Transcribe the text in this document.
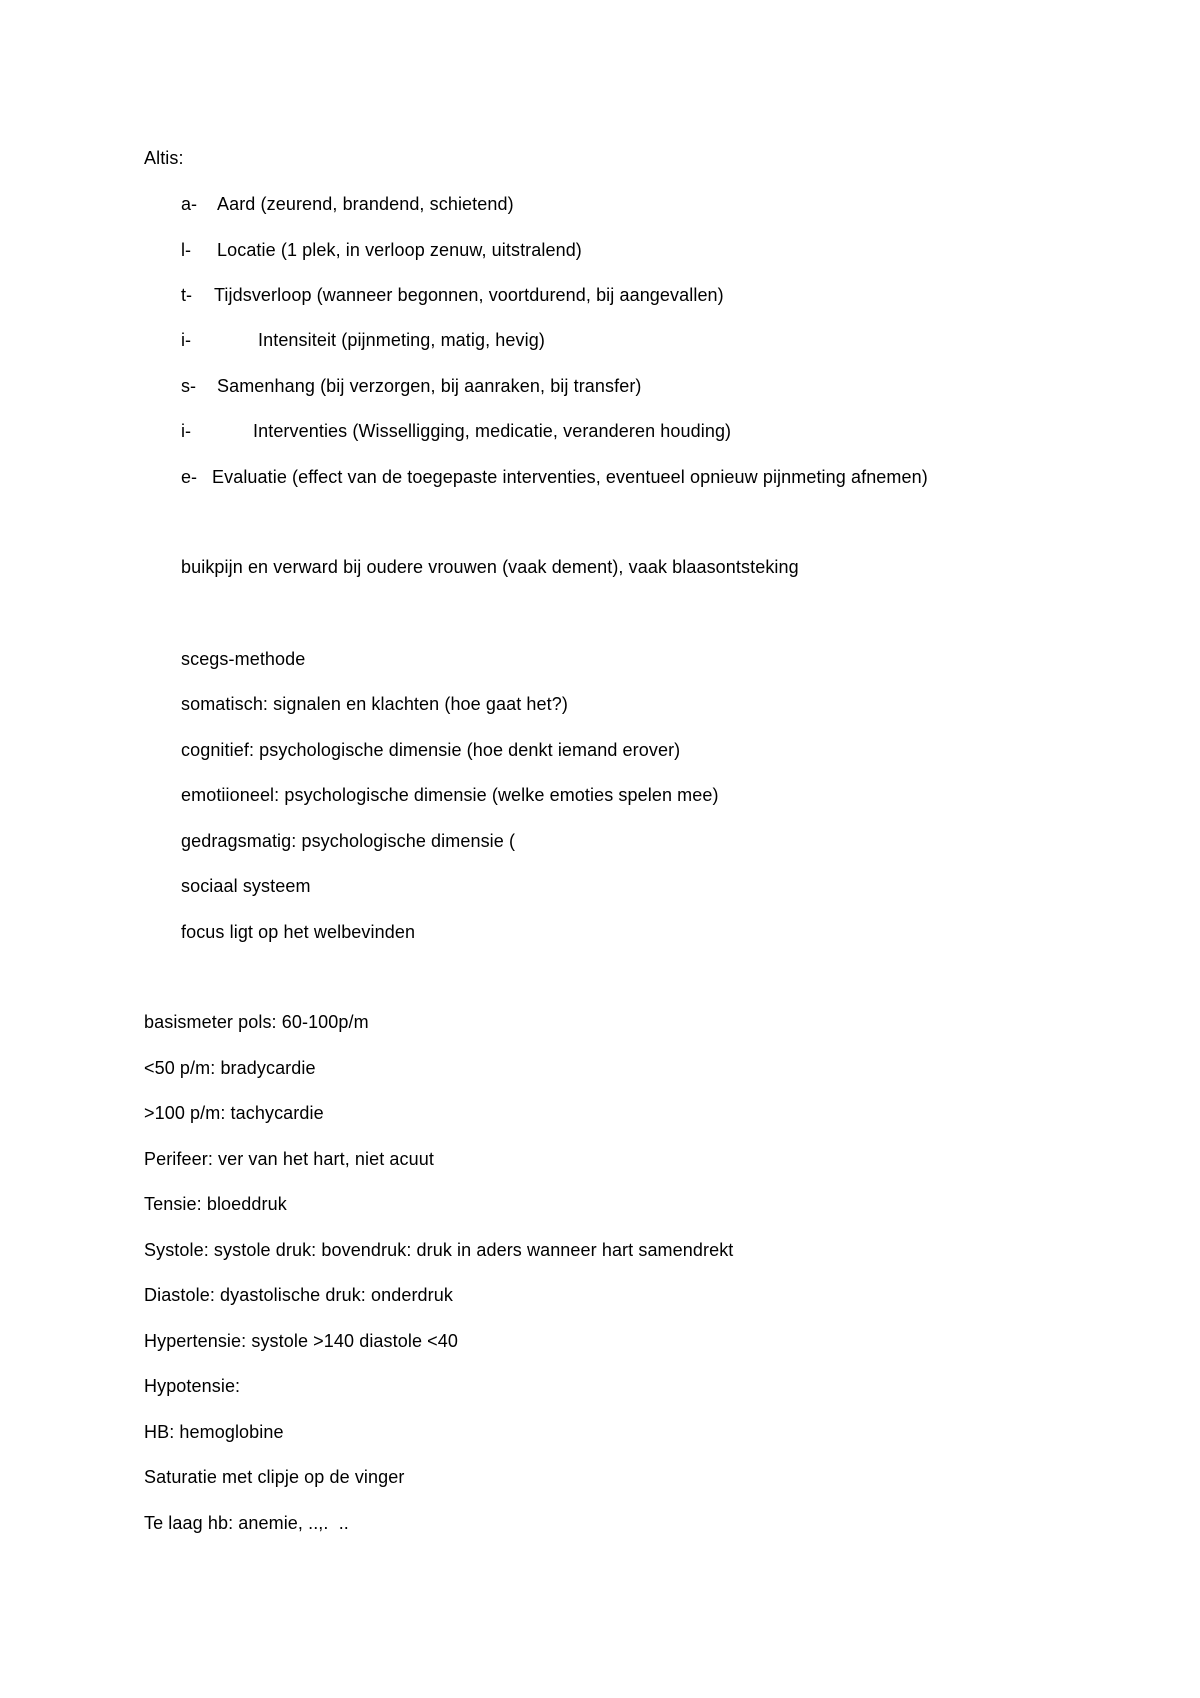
Altis:
a- Aard (zeurend, brandend, schietend)
l- Locatie (1 plek, in verloop zenuw, uitstralend)
t- Tijdsverloop (wanneer begonnen, voortdurend, bij aangevallen)
i-	Intensiteit (pijnmeting, matig, hevig)
s- Samenhang (bij verzorgen, bij aanraken, bij transfer)
i-	Interventies (Wisselligging, medicatie, veranderen houding)
e- Evaluatie (effect van de toegepaste interventies, eventueel opnieuw pijnmeting afnemen)
buikpijn en verward bij oudere vrouwen (vaak dement), vaak blaasontsteking
scegs-methode
somatisch: signalen en klachten (hoe gaat het?)
cognitief: psychologische dimensie (hoe denkt iemand erover)
emotiioneel: psychologische dimensie (welke emoties spelen mee)
gedragsmatig: psychologische dimensie (
sociaal systeem
focus ligt op het welbevinden
basismeter pols: 60-100p/m
<50 p/m: bradycardie
>100 p/m: tachycardie
Perifeer: ver van het hart, niet acuut
Tensie: bloeddruk
Systole: systole druk: bovendruk: druk in aders wanneer hart samendrekt
Diastole: dyastolische druk: onderdruk
Hypertensie: systole >140 diastole <40
Hypotensie:
HB: hemoglobine
Saturatie met clipje op de vinger
Te laag hb: anemie, ..,.  ..
